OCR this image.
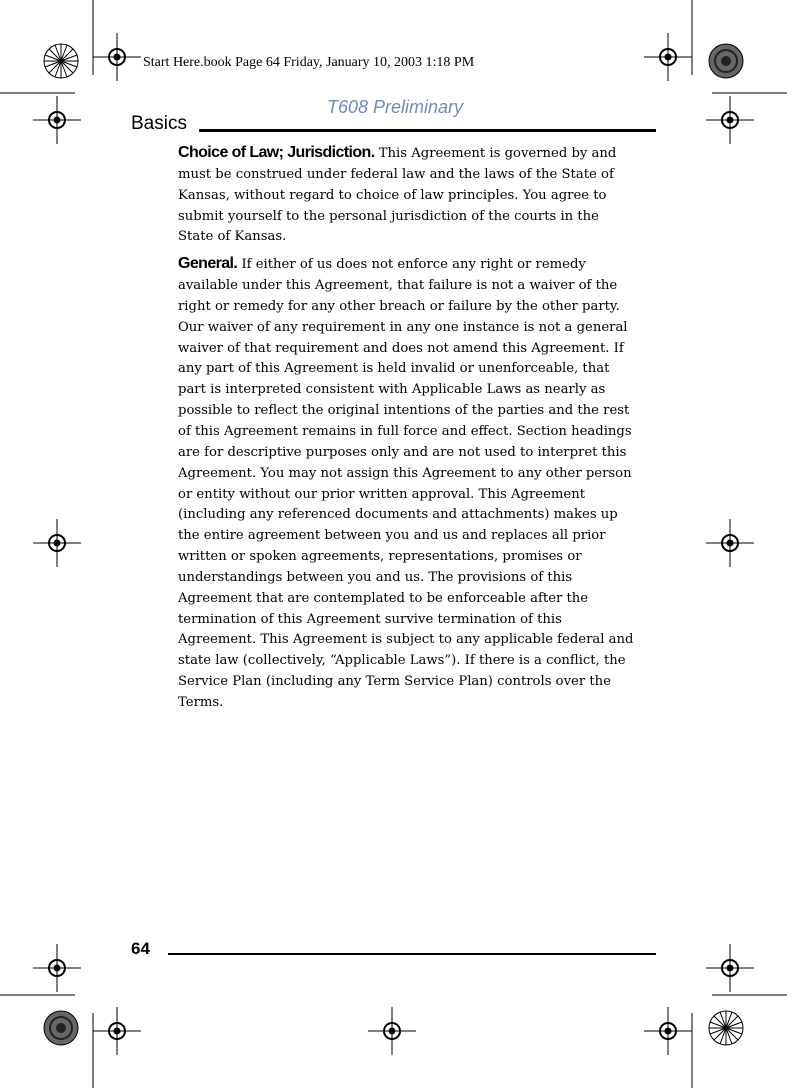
Start Here.book Page 64 Friday, January 10, 2003 1:18 PM
T608 Preliminary
Basics

Choice of Law; Jurisdiction. This Agreement is governed by and must be construed under federal law and the laws of the State of Kansas, without regard to choice of law principles. You agree to submit yourself to the personal jurisdiction of the courts in the State of Kansas.

General. If either of us does not enforce any right or remedy available under this Agreement, that failure is not a waiver of the right or remedy for any other breach or failure by the other party. Our waiver of any requirement in any one instance is not a general waiver of that requirement and does not amend this Agreement. If any part of this Agreement is held invalid or unenforceable, that part is interpreted consistent with Applicable Laws as nearly as possible to reflect the original intentions of the parties and the rest of this Agreement remains in full force and effect. Section headings are for descriptive purposes only and are not used to interpret this Agreement. You may not assign this Agreement to any other person or entity without our prior written approval. This Agreement (including any referenced documents and attachments) makes up the entire agreement between you and us and replaces all prior written or spoken agreements, representations, promises or understandings between you and us. The provisions of this Agreement that are contemplated to be enforceable after the termination of this Agreement survive termination of this Agreement. This Agreement is subject to any applicable federal and state law (collectively, “Applicable Laws”). If there is a conflict, the Service Plan (including any Term Service Plan) controls over the Terms.

64
